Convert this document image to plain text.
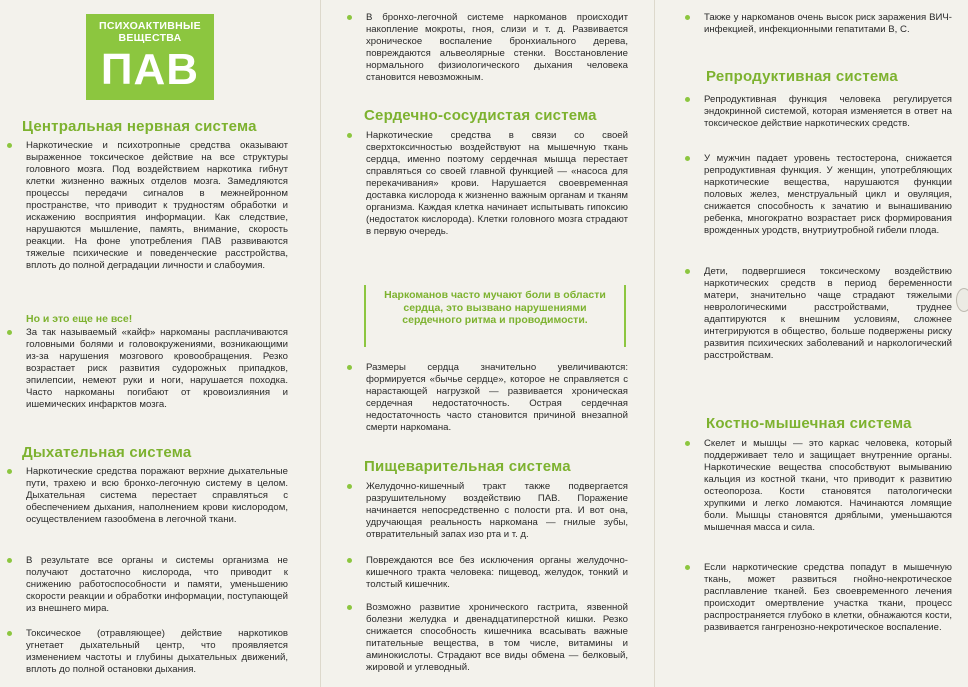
ПСИХОАКТИВНЫЕ
ВЕЩЕСТВА
ПАВ
Центральная нервная система

Наркотические и психотропные средства оказывают выраженное токсическое действие на все структуры головного мозга. Под воздействием наркотика гибнут клетки жизненно важных отделов мозга. Замедляются процессы передачи сигналов в межнейронном пространстве, что приводит к трудностям обработки и искажению восприятия информации. Как следствие, нарушаются мышление, память, внимание, скорость реакции. На фоне употребления ПАВ развиваются тяжелые психические и поведенческие расстройства, вплоть до полной деградации личности и слабоумия.

Но и это еще не все!

За так называемый «кайф» наркоманы расплачиваются головными болями и головокружениями, возникающими из-за нарушения мозгового кровообращения. Резко возрастает риск развития судорожных припадков, эпилепсии, немеют руки и ноги, нарушается походка. Часто наркоманы погибают от кровоизлияния и ишемических инфарктов мозга.

Дыхательная система

Наркотические средства поражают верхние дыхательные пути, трахею и всю бронхо-легочную систему в целом. Дыхательная система перестает справляться с обеспечением дыхания, наполнением крови кислородом, осуществлением газообмена в легочной ткани.

В результате все органы и системы организма не получают достаточно кислорода, что приводит к снижению работоспособности и памяти, уменьшению скорости реакции и обработки информации, поступающей из внешнего мира.

Токсическое (отравляющее) действие наркотиков угнетает дыхательный центр, что проявляется изменением частоты и глубины дыхательных движений, вплоть до полной остановки дыхания.

В бронхо-легочной системе наркоманов происходит накопление мокроты, гноя, слизи и т. д. Развивается хроническое воспаление бронхиального дерева, повреждаются альвеолярные стенки. Восстановление нормального физиологического дыхания человека становится невозможным.

Сердечно-сосудистая система

Наркотические средства в связи со своей сверхтоксичностью воздействуют на мышечную ткань сердца, именно поэтому сердечная мышца перестает справляться со своей главной функцией — «насоса для перекачивания» крови. Нарушается своевременная доставка кислорода к жизненно важным органам и тканям организма. Каждая клетка начинает испытывать гипоксию (недостаток кислорода). Клетки головного мозга страдают в первую очередь.

Наркоманов часто мучают боли в области сердца, это вызвано нарушениями сердечного ритма и проводимости.

Размеры сердца значительно увеличиваются: формируется «бычье сердце», которое не справляется с нарастающей нагрузкой — развивается хроническая сердечная недостаточность. Острая сердечная недостаточность часто становится причиной внезапной смерти наркомана.

Пищеварительная система

Желудочно-кишечный тракт также подвергается разрушительному воздействию ПАВ. Поражение начинается непосредственно с полости рта. И вот она, удручающая реальность наркомана — гнилые зубы, отвратительный запах изо рта и т. д.

Повреждаются все без исключения органы желудочно-кишечного тракта человека: пищевод, желудок, тонкий и толстый кишечник.

Возможно развитие хронического гастрита, язвенной болезни желудка и двенадцатиперстной кишки. Резко снижается способность кишечника всасывать важные питательные вещества, в том числе, витамины и аминокислоты. Страдают все виды обмена — белковый, жировой и углеводный.

Также у наркоманов очень высок риск заражения ВИЧ-инфекцией, инфекционными гепатитами В, С.

Репродуктивная система

Репродуктивная функция человека регулируется эндокринной системой, которая изменяется в ответ на токсическое действие наркотических средств.

У мужчин падает уровень тестостерона, снижается репродуктивная функция. У женщин, употребляющих наркотические вещества, нарушаются функции половых желез, менструальный цикл и овуляция, снижается способность к зачатию и вынашиванию ребенка, многократно возрастает риск формирования врожденных уродств, внутриутробной гибели плода.

Дети, подвергшиеся токсическому воздействию наркотических средств в период беременности матери, значительно чаще страдают тяжелыми неврологическими расстройствами, труднее адаптируются к внешним условиям, сложнее интегрируются в общество, больше подвержены риску развития психических заболеваний и наркологический расстройствам.

Костно-мышечная система

Скелет и мышцы — это каркас человека, который поддерживает тело и защищает внутренние органы. Наркотические вещества способствуют вымыванию кальция из костной ткани, что приводит к развитию остеопороза. Кости становятся патологически хрупкими и легко ломаются. Начинаются ломящие боли. Мышцы становятся дряблыми, уменьшаются мышечная масса и сила.

Если наркотические средства попадут в мышечную ткань, может развиться гнойно-некротическое расплавление тканей. Без своевременного лечения происходит омертвление участка ткани, процесс распространяется глубоко в клетки, обнажаются кости, развивается гангренозно-некротическое воспаление.
